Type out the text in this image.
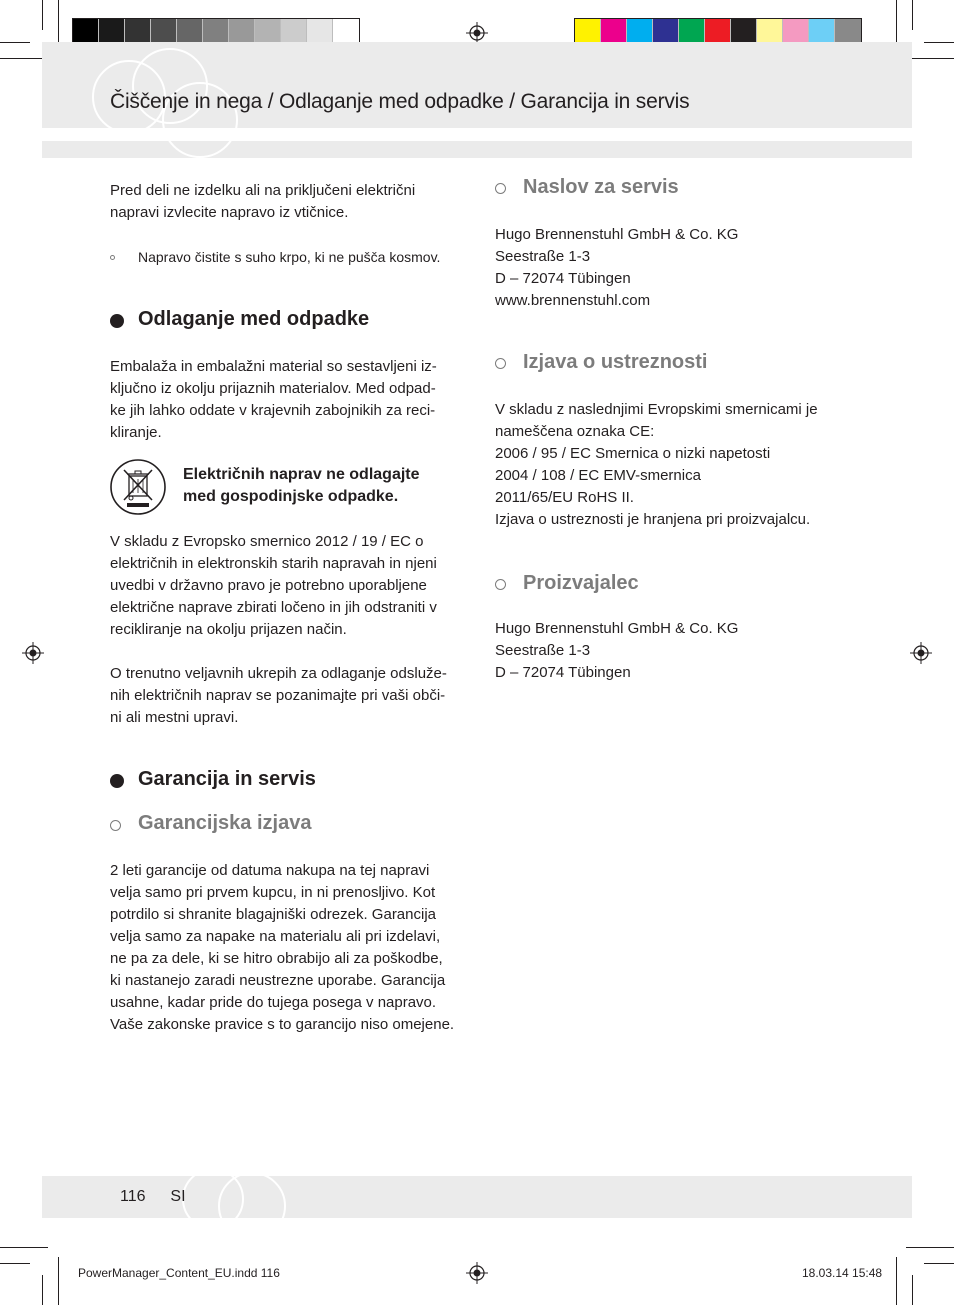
Čiščenje in nega / Odlaganje med odpadke / Garancija in servis
Pred deli ne izdelku ali na priključeni električni
napravi izvlecite napravo iz vtičnice.
Napravo čistite s suho krpo, ki ne pušča kosmov.
Odlaganje med odpadke
Embalaža in embalažni material so sestavljeni iz-
ključno iz okolju prijaznih materialov. Med odpad-
ke jih lahko oddate v krajevnih zabojnikih za reci-
kliranje.
Električnih naprav ne odlagajte
med gospodinjske odpadke.
V skladu z Evropsko smernico 2012 / 19 / EC o
električnih in elektronskih starih napravah in njeni
uvedbi v državno pravo je potrebno uporabljene
električne naprave zbirati ločeno in jih odstraniti v
recikliranje na okolju prijazen način.
O trenutno veljavnih ukrepih za odlaganje odsluže-
nih električnih naprav se pozanimajte pri vaši obči-
ni ali mestni upravi.
Garancija in servis
Garancijska izjava
2 leti garancije od datuma nakupa na tej napravi
velja samo pri prvem kupcu, in ni prenosljivo. Kot
potrdilo si shranite blagajniški odrezek. Garancija
velja samo za napake na materialu ali pri izdelavi,
ne pa za dele, ki se hitro obrabijo ali za poškodbe,
ki nastanejo zaradi neustrezne uporabe. Garancija
usahne, kadar pride do tujega posega v napravo.
Vaše zakonske pravice s to garancijo niso omejene.
Naslov za servis
Hugo Brennenstuhl GmbH & Co. KG
Seestraße 1-3
D – 72074 Tübingen
www.brennenstuhl.com
Izjava o ustreznosti
V skladu z naslednjimi Evropskimi smernicami je
nameščena oznaka CE:
2006 / 95 / EC Smernica o nizki napetosti
2004 / 108 / EC EMV-smernica
2011/65/EU RoHS II.
Izjava o ustreznosti je hranjena pri proizvajalcu.
Proizvajalec
Hugo Brennenstuhl GmbH & Co. KG
Seestraße 1-3
D – 72074 Tübingen
116 SI
PowerManager_Content_EU.indd 116	18.03.14 15:48
